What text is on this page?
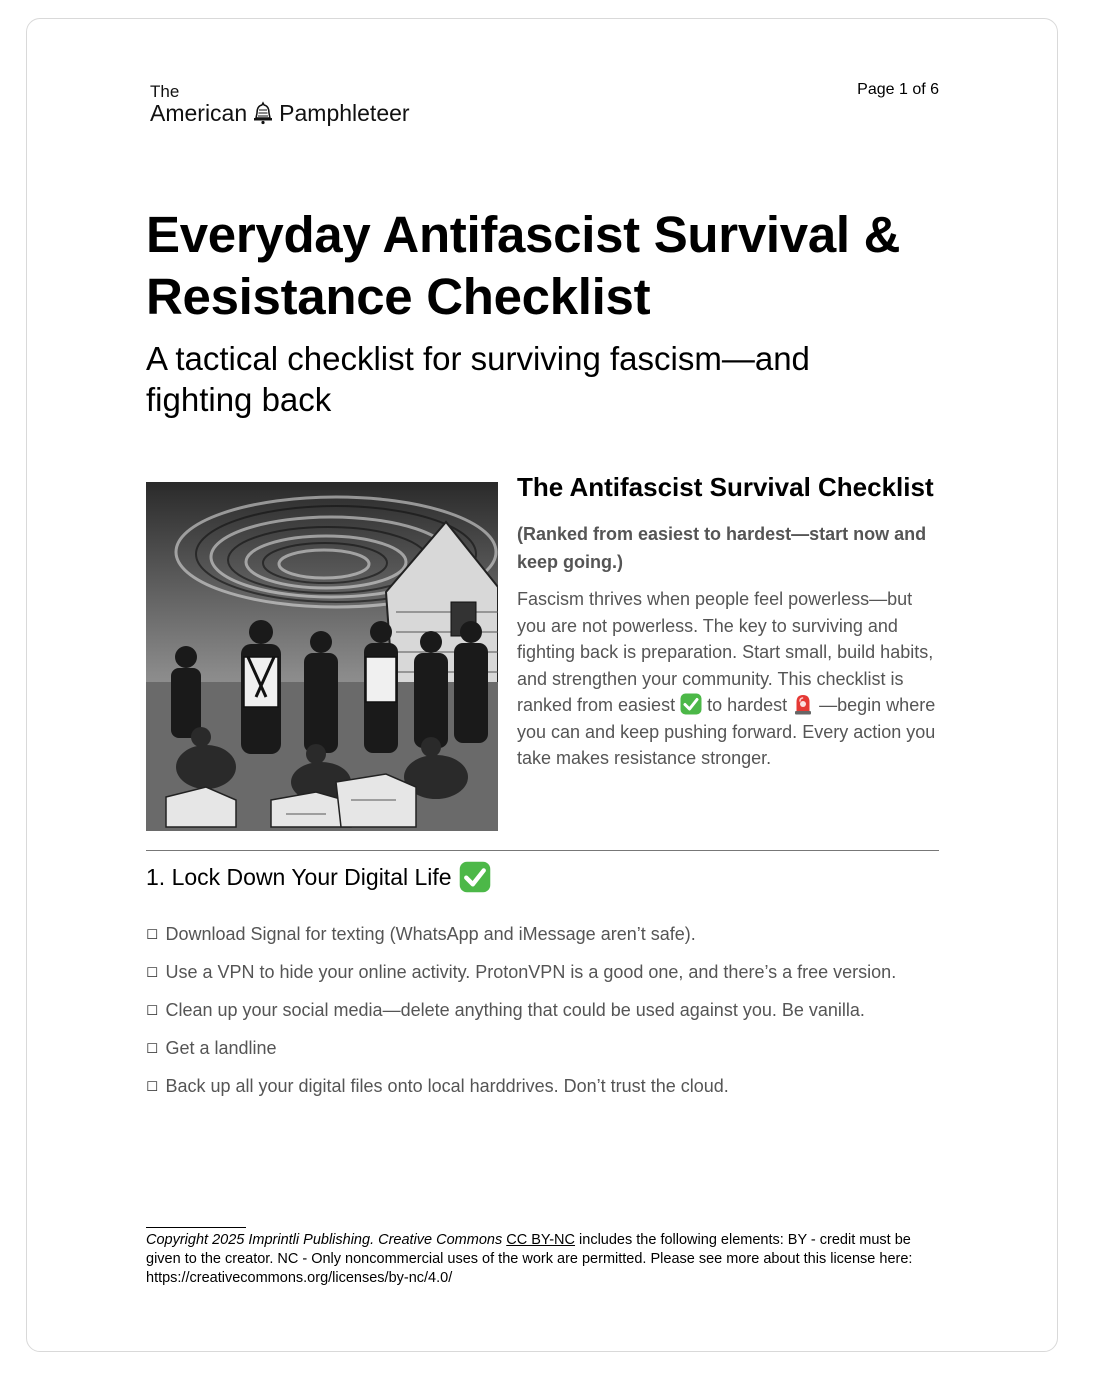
The
American Pamphleteer
Page 1 of 6
Everyday Antifascist Survival & Resistance Checklist
A tactical checklist for surviving fascism—and fighting back
The Antifascist Survival Checklist

(Ranked from easiest to hardest—start now and keep going.)

Fascism thrives when people feel powerless—but you are not powerless. The key to surviving and fighting back is preparation. Start small, build habits, and strengthen your community. This checklist is ranked from easiest  to hardest  —begin where you can and keep pushing forward. Every action you take makes resistance stronger.

1. Lock Down Your Digital Life
◻ Download Signal for texting (WhatsApp and iMessage aren’t safe).
◻ Use a VPN to hide your online activity. ProtonVPN is a good one, and there’s a free version.
◻ Clean up your social media—delete anything that could be used against you. Be vanilla.
◻ Get a landline
◻ Back up all your digital files onto local harddrives. Don’t trust the cloud.
Copyright 2025 Imprintli Publishing. Creative Commons CC BY-NC includes the following elements: BY - credit must be given to the creator. NC - Only noncommercial uses of the work are permitted. Please see more about this license here: https://creativecommons.org/licenses/by-nc/4.0/
